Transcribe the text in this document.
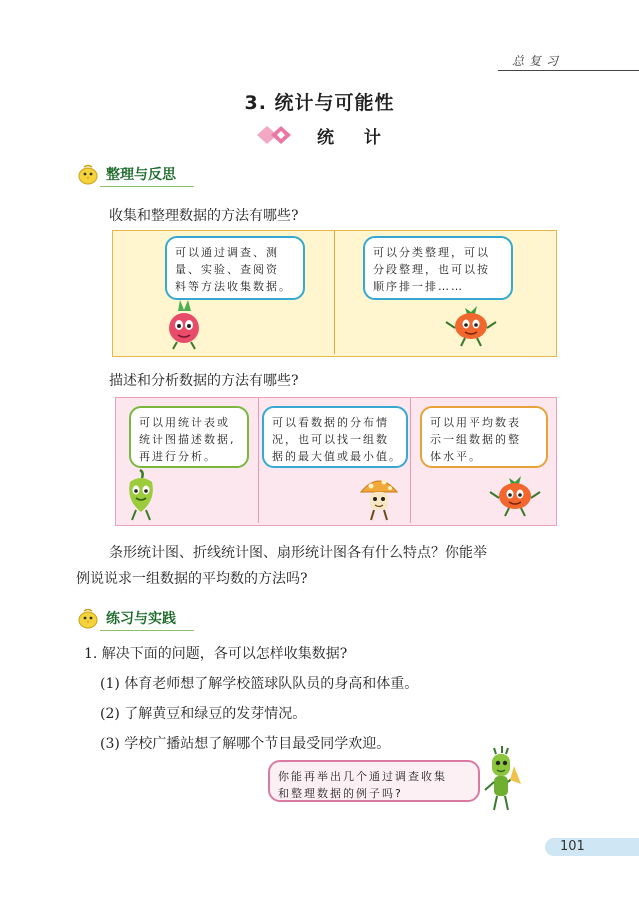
总复习
3. 统计与可能性
统 计
整理与反思
收集和整理数据的方法有哪些?
可以通过调查、测
量、实验、查阅资
料等方法收集数据。
可以分类整理，可以
分段整理，也可以按
顺序排一排……
描述和分析数据的方法有哪些?
可以用统计表或
统计图描述数据,
再进行分析。
可以看数据的分布情
况，也可以找一组数
据的最大值或最小值。
可以用平均数表
示一组数据的整
体水平。
条形统计图、折线统计图、扇形统计图各有什么特点？你能举
例说说求一组数据的平均数的方法吗?
练习与实践
1. 解决下面的问题，各可以怎样收集数据?
(1) 体育老师想了解学校篮球队队员的身高和体重。
(2) 了解黄豆和绿豆的发芽情况。
(3) 学校广播站想了解哪个节目最受同学欢迎。
你能再举出几个通过调查收集
和整理数据的例子吗?
101
